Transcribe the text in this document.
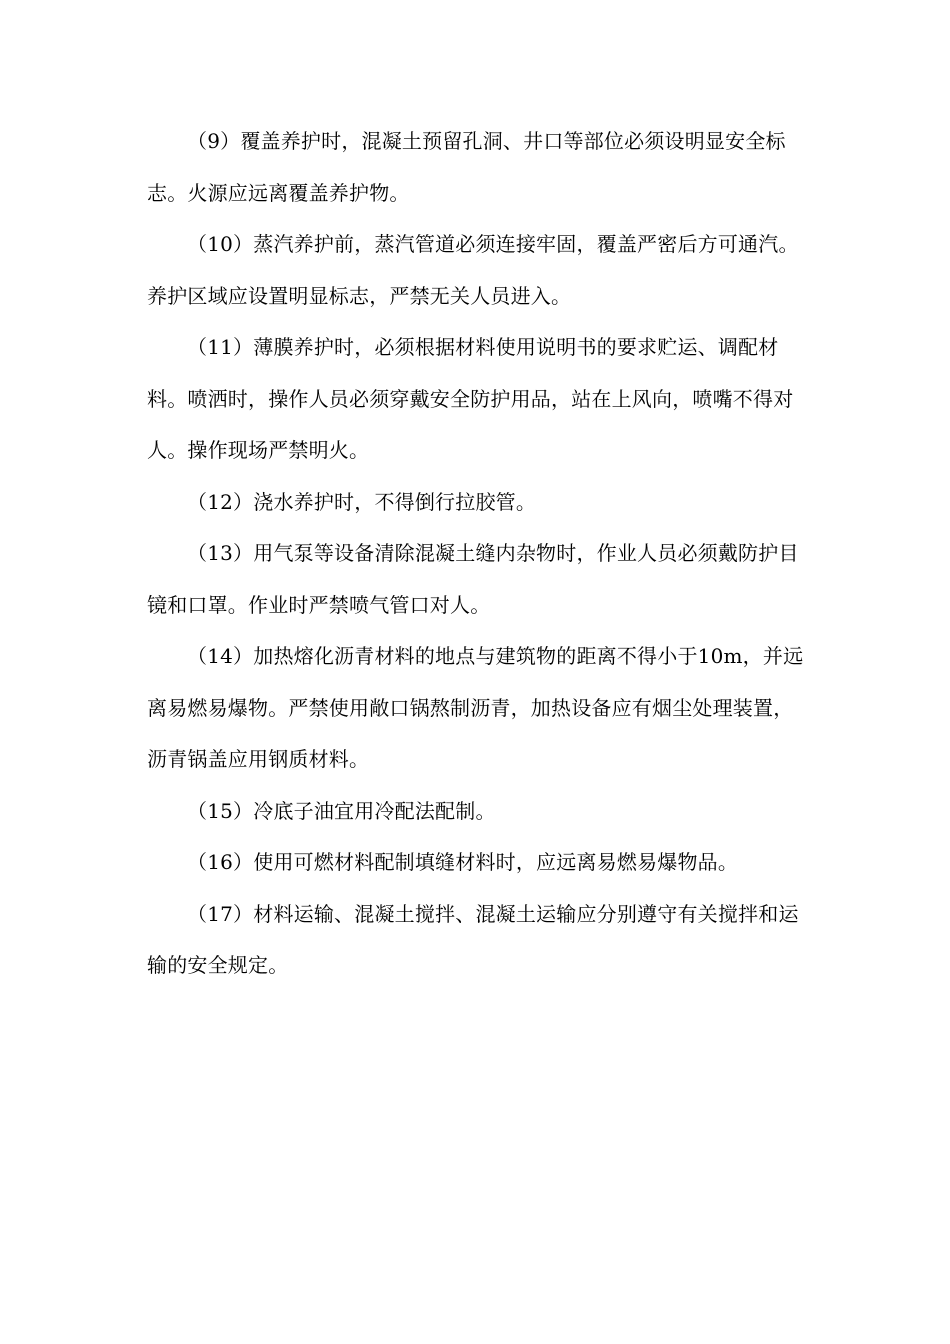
（9）覆盖养护时，混凝土预留孔洞、井口等部位必须设明显安全标志。火源应远离覆盖养护物。

（10）蒸汽养护前，蒸汽管道必须连接牢固，覆盖严密后方可通汽。养护区域应设置明显标志，严禁无关人员进入。

（11）薄膜养护时，必须根据材料使用说明书的要求贮运、调配材料。喷洒时，操作人员必须穿戴安全防护用品，站在上风向，喷嘴不得对人。操作现场严禁明火。

（12）浇水养护时，不得倒行拉胶管。

（13）用气泵等设备清除混凝土缝内杂物时，作业人员必须戴防护目镜和口罩。作业时严禁喷气管口对人。

（14）加热熔化沥青材料的地点与建筑物的距离不得小于10m，并远离易燃易爆物。严禁使用敞口锅熬制沥青，加热设备应有烟尘处理装置，沥青锅盖应用钢质材料。

（15）冷底子油宜用冷配法配制。

（16）使用可燃材料配制填缝材料时，应远离易燃易爆物品。

（17）材料运输、混凝土搅拌、混凝土运输应分别遵守有关搅拌和运输的安全规定。
